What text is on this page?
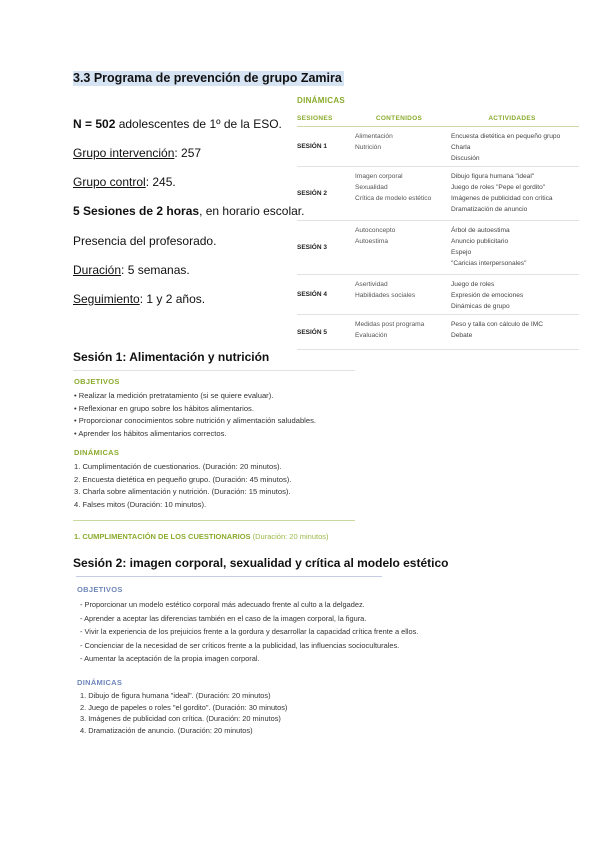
3.3 Programa de prevención de grupo Zamira
N = 502 adolescentes de 1º de la ESO.
Grupo intervención: 257
Grupo control: 245.
5 Sesiones de 2 horas, en horario escolar.
Presencia del profesorado.
Duración: 5 semanas.
Seguimiento: 1 y 2 años.
DINÁMICAS
SESIONES	CONTENIDOS	ACTIVIDADES
SESIÓN 1
Alimentación
Nutrición
Encuesta dietética en pequeño grupo
Charla
Discusión
SESIÓN 2
Imagen corporal
Sexualidad
Crítica de modelo estético
Dibujo figura humana "ideal"
Juego de roles "Pepe el gordito"
Imágenes de publicidad con crítica
Dramatización de anuncio
SESIÓN 3
Autoconcepto
Autoestima
Árbol de autoestima
Anuncio publicitario
Espejo
"Caricias interpersonales"
SESIÓN 4
Asertividad
Habilidades sociales
Juego de roles
Expresión de emociones
Dinámicas de grupo
SESIÓN 5
Medidas post programa
Evaluación
Peso y talla con cálculo de IMC
Debate
Sesión 1: Alimentación y nutrición
OBJETIVOS
• Realizar la medición pretratamiento (si se quiere evaluar).
• Reflexionar en grupo sobre los hábitos alimentarios.
• Proporcionar conocimientos sobre nutrición y alimentación saludables.
• Aprender los hábitos alimentarios correctos.
DINÁMICAS
1. Cumplimentación de cuestionarios. (Duración: 20 minutos).
2. Encuesta dietética en pequeño grupo. (Duración: 45 minutos).
3. Charla sobre alimentación y nutrición. (Duración: 15 minutos).
4. Falses mitos (Duración: 10 minutos).
1. CUMPLIMENTACIÓN DE LOS CUESTIONARIOS (Duración: 20 minutos)
Sesión 2: imagen corporal, sexualidad y crítica al modelo estético
OBJETIVOS
- Proporcionar un modelo estético corporal más adecuado frente al culto a la delgadez.
- Aprender a aceptar las diferencias también en el caso de la imagen corporal, la figura.
- Vivir la experiencia de los prejuicios frente a la gordura y desarrollar la capacidad crítica frente a ellos.
- Concienciar de la necesidad de ser críticos frente a la publicidad, las influencias socioculturales.
- Aumentar la aceptación de la propia imagen corporal.
DINÁMICAS
1. Dibujo de figura humana "ideal". (Duración: 20 minutos)
2. Juego de papeles o roles "el gordito". (Duración: 30 minutos)
3. Imágenes de publicidad con crítica. (Duración: 20 minutos)
4. Dramatización de anuncio. (Duración: 20 minutos)
